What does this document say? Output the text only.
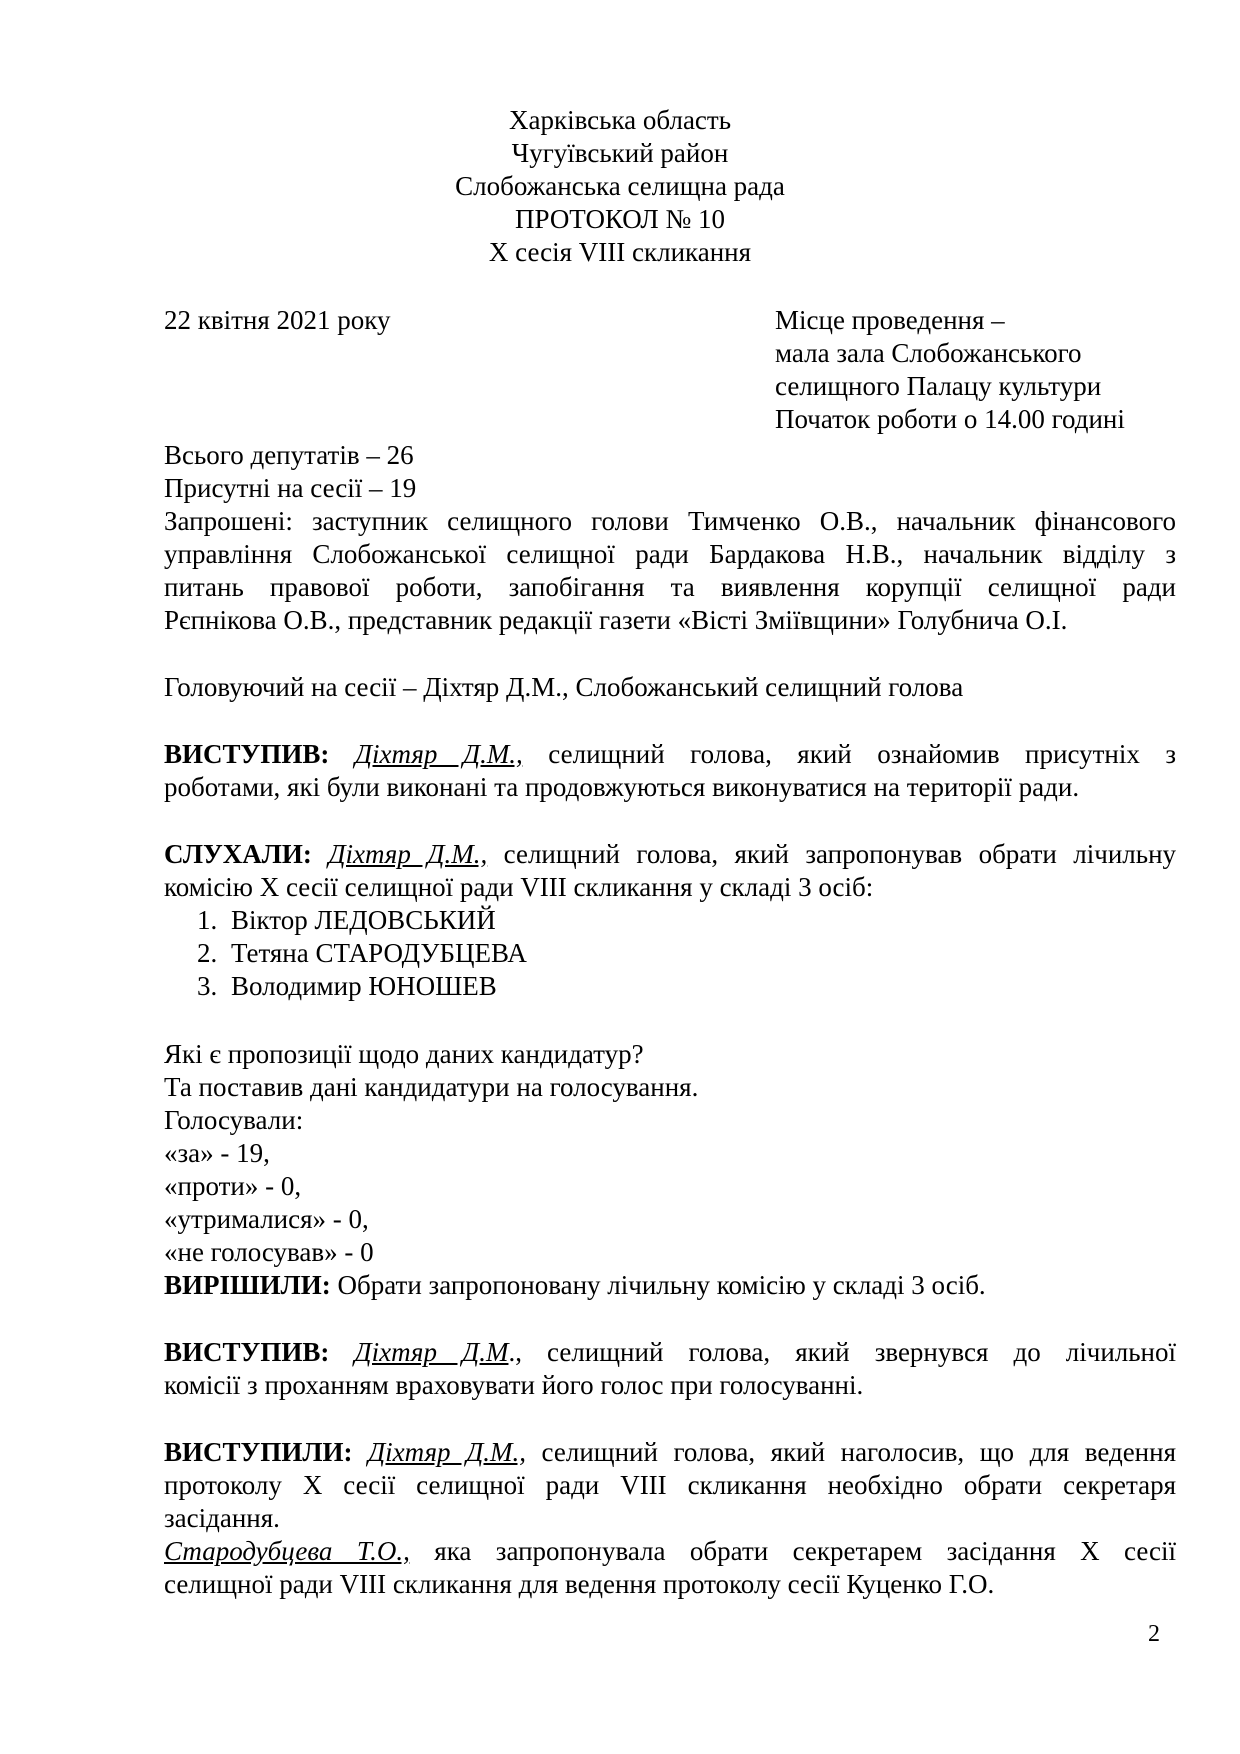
Харківська область
Чугуївський район
Слобожанська селищна рада
ПРОТОКОЛ № 10
Х сесія VIII скликання
22 квітня 2021 року	Місце проведення –
мала зала Слобожанського
селищного Палацу культури
Початок роботи о 14.00 годині
Всього депутатів – 26
Присутні на сесії – 19
Запрошені: заступник селищного голови Тимченко О.В., начальник фінансового
управління Слобожанської селищної ради Бардакова Н.В., начальник відділу з
питань правової роботи, запобігання та виявлення корупції селищної ради
Рєпнікова О.В., представник редакції газети «Вісті Зміївщини» Голубнича О.І.
Головуючий на сесії – Діхтяр Д.М., Слобожанський селищний голова
ВИСТУПИВ: Діхтяр Д.М., селищний голова, який ознайомив присутніх з
роботами, які були виконані та продовжуються виконуватися на території ради.
СЛУХАЛИ: Діхтяр Д.М., селищний голова, який запропонував обрати лічильну
комісію Х сесії селищної ради VIII скликання у складі 3 осіб:
1. Віктор ЛЕДОВСЬКИЙ
2. Тетяна СТАРОДУБЦЕВА
3. Володимир ЮНОШЕВ
Які є пропозиції щодо даних кандидатур?
Та поставив дані кандидатури на голосування.
Голосували:
«за» - 19,
«проти» - 0,
«утрималися» - 0,
«не голосував» - 0
ВИРІШИЛИ: Обрати запропоновану лічильну комісію у складі 3 осіб.
ВИСТУПИВ: Діхтяр Д.М., селищний голова, який звернувся до лічильної
комісії з проханням враховувати його голос при голосуванні.
ВИСТУПИЛИ: Діхтяр Д.М., селищний голова, який наголосив, що для ведення
протоколу Х сесії селищної ради VIII скликання необхідно обрати секретаря
засідання.
Стародубцева Т.О., яка запропонувала обрати секретарем засідання Х сесії
селищної ради VIII скликання для ведення протоколу сесії Куценко Г.О.
2
